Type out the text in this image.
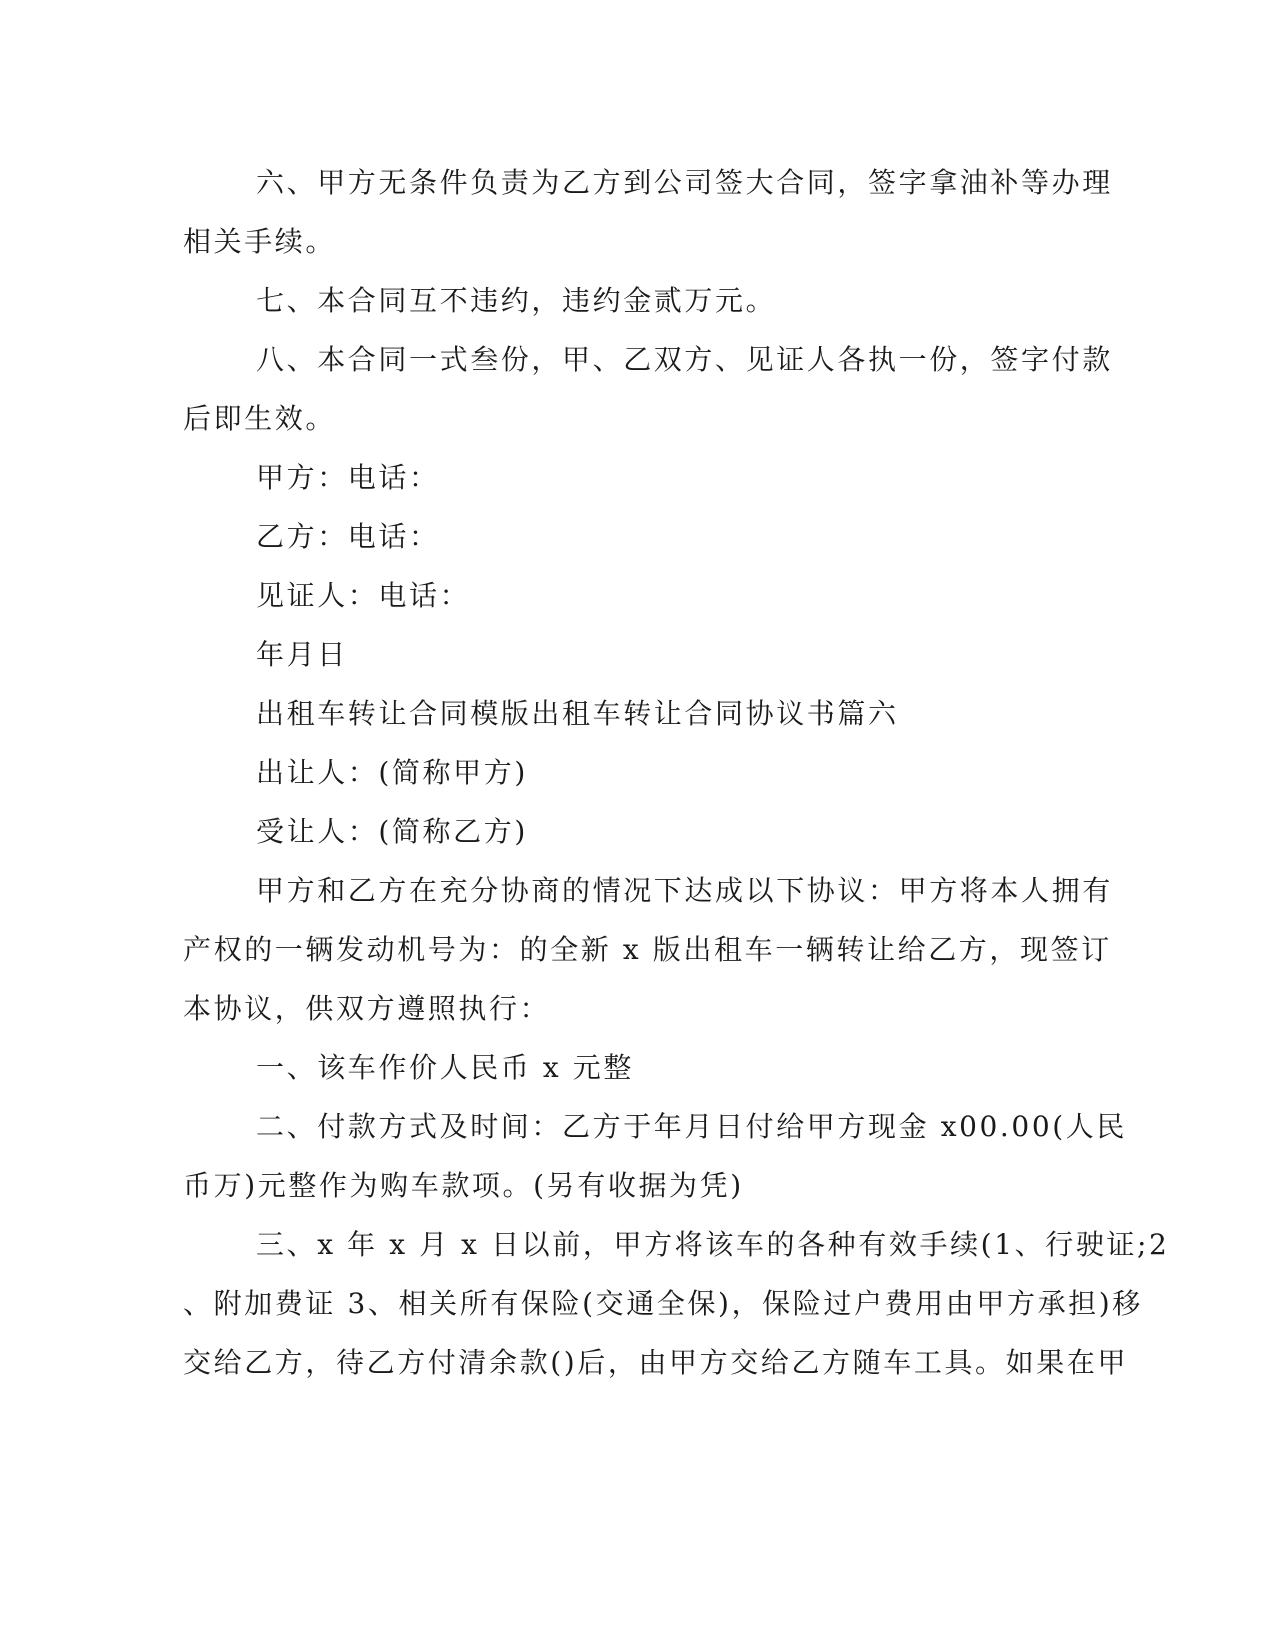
六、甲方无条件负责为乙方到公司签大合同，签字拿油补等办理
相关手续。
七、本合同互不违约，违约金贰万元。
八、本合同一式叁份，甲、乙双方、见证人各执一份，签字付款
后即生效。
甲方：电话：
乙方：电话：
见证人：电话：
年月日
出租车转让合同模版出租车转让合同协议书篇六
出让人：(简称甲方)
受让人：(简称乙方)
甲方和乙方在充分协商的情况下达成以下协议：甲方将本人拥有
产权的一辆发动机号为：的全新 x 版出租车一辆转让给乙方，现签订
本协议，供双方遵照执行：
一、该车作价人民币 x 元整
二、付款方式及时间：乙方于年月日付给甲方现金 x00.00(人民
币万)元整作为购车款项。(另有收据为凭)
三、x 年 x 月 x 日以前，甲方将该车的各种有效手续(1、行驶证;2
、附加费证 3、相关所有保险(交通全保)，保险过户费用由甲方承担)移
交给乙方，待乙方付清余款()后，由甲方交给乙方随车工具。如果在甲
